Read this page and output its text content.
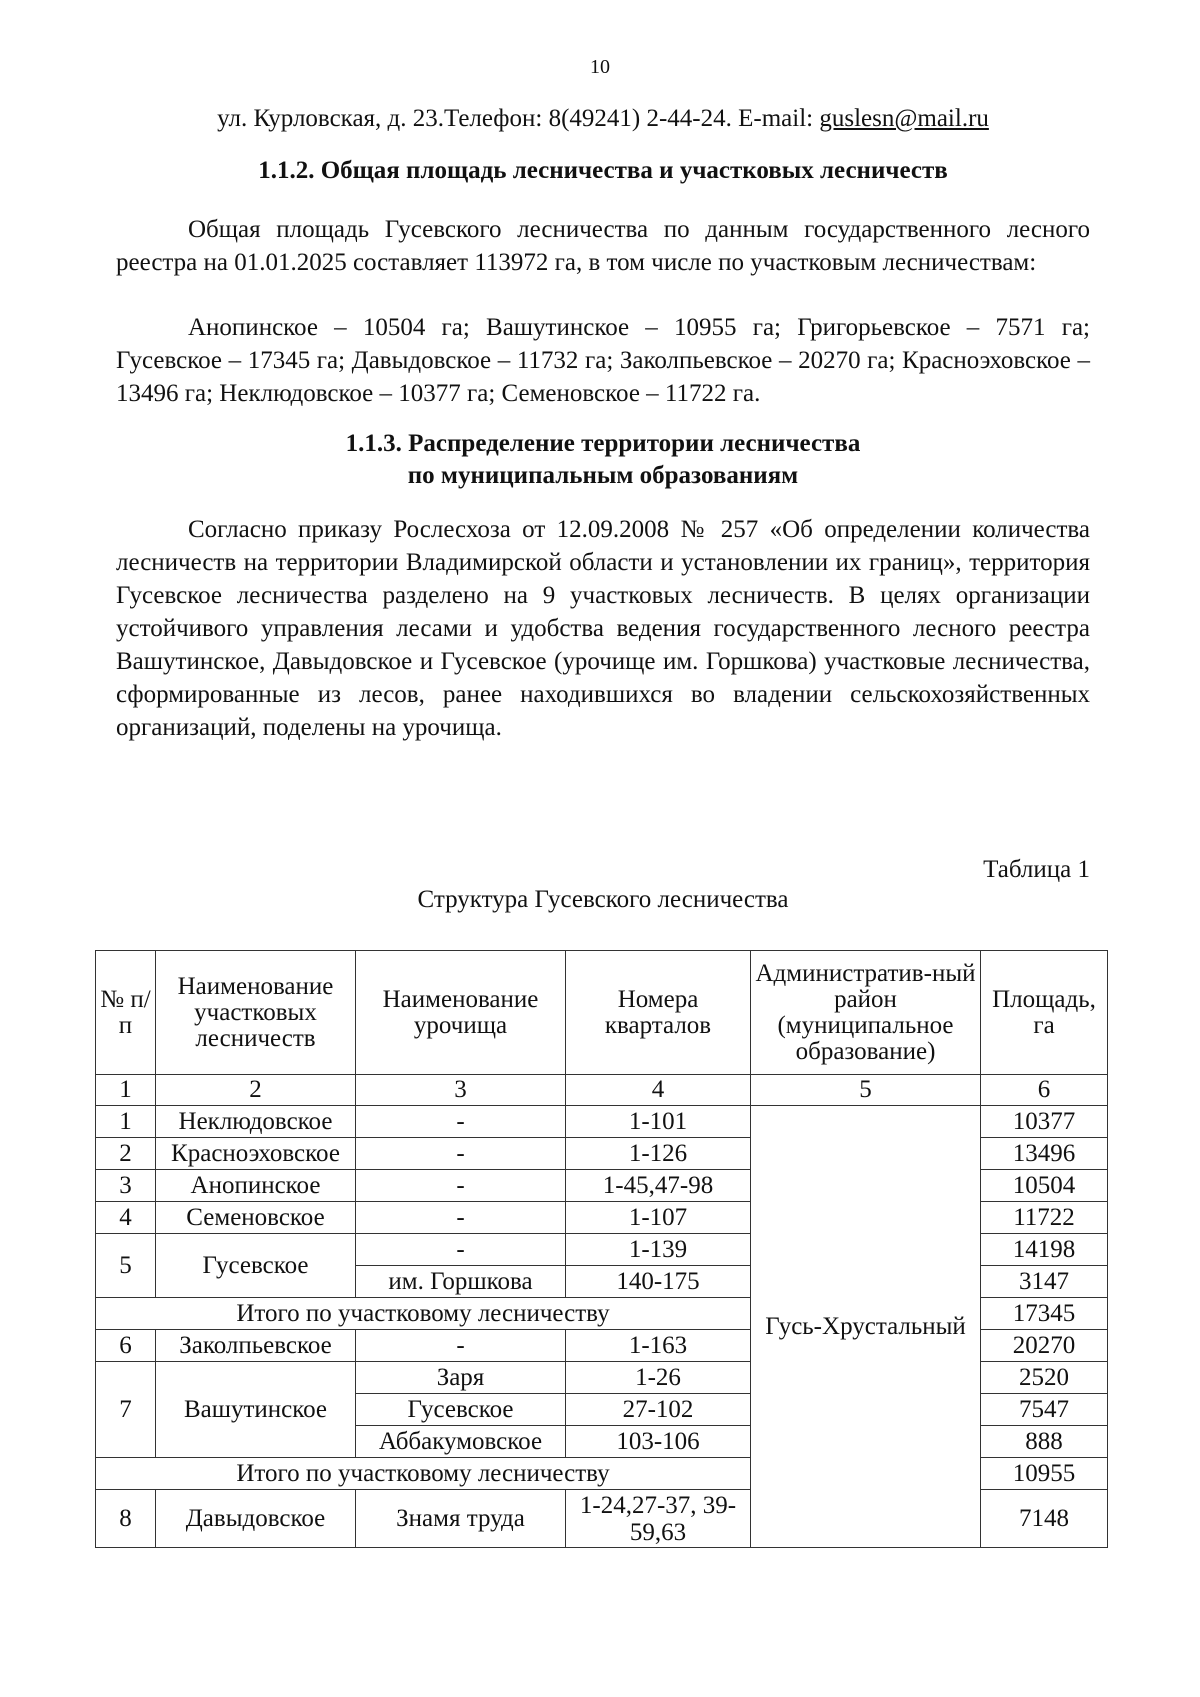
10
ул. Курловская, д. 23.Телефон: 8(49241) 2-44-24. E-mail: guslesn@mail.ru
1.1.2. Общая площадь лесничества и участковых лесничеств
Общая площадь Гусевского лесничества по данным государственного лесного реестра на 01.01.2025 составляет 113972 га, в том числе по участковым лесничествам:
Анопинское – 10504 га; Вашутинское – 10955 га; Григорьевское – 7571 га; Гусевское – 17345 га; Давыдовское – 11732 га; Заколпьевское – 20270 га; Красноэховское – 13496 га; Неклюдовское – 10377 га; Семеновское – 11722 га.
1.1.3. Распределение территории лесничества
по муниципальным образованиям
Согласно приказу Рослесхоза от 12.09.2008 № 257 «Об определении количества лесничеств на территории Владимирской области и установлении их границ», территория Гусевское лесничества разделено на 9 участковых лесничеств. В целях организации устойчивого управления лесами и удобства ведения государственного лесного реестра Вашутинское, Давыдовское и Гусевское (урочище им. Горшкова) участковые лесничества, сформированные из лесов, ранее находившихся во владении сельскохозяйственных организаций, поделены на урочища.
Таблица 1
Структура Гусевского лесничества
№ п/п	Наименование участковых лесничеств	Наименование урочища	Номера кварталов	Административ-ный район (муниципальное образование)	Площадь, га
1	2	3	4	5	6
1	Неклюдовское	-	1-101	Гусь-Хрустальный	10377
2	Красноэховское	-	1-126		13496
3	Анопинское	-	1-45,47-98		10504
4	Семеновское	-	1-107		11722
5	Гусевское	-	1-139		14198
		им. Горшкова	140-175		3147
Итого по участковому лесничеству					17345
6	Заколпьевское	-	1-163		20270
7	Вашутинское	Заря	1-26		2520
		Гусевское	27-102		7547
		Аббакумовское	103-106		888
Итого по участковому лесничеству					10955
8	Давыдовское	Знамя труда	1-24,27-37, 39-59,63		7148
